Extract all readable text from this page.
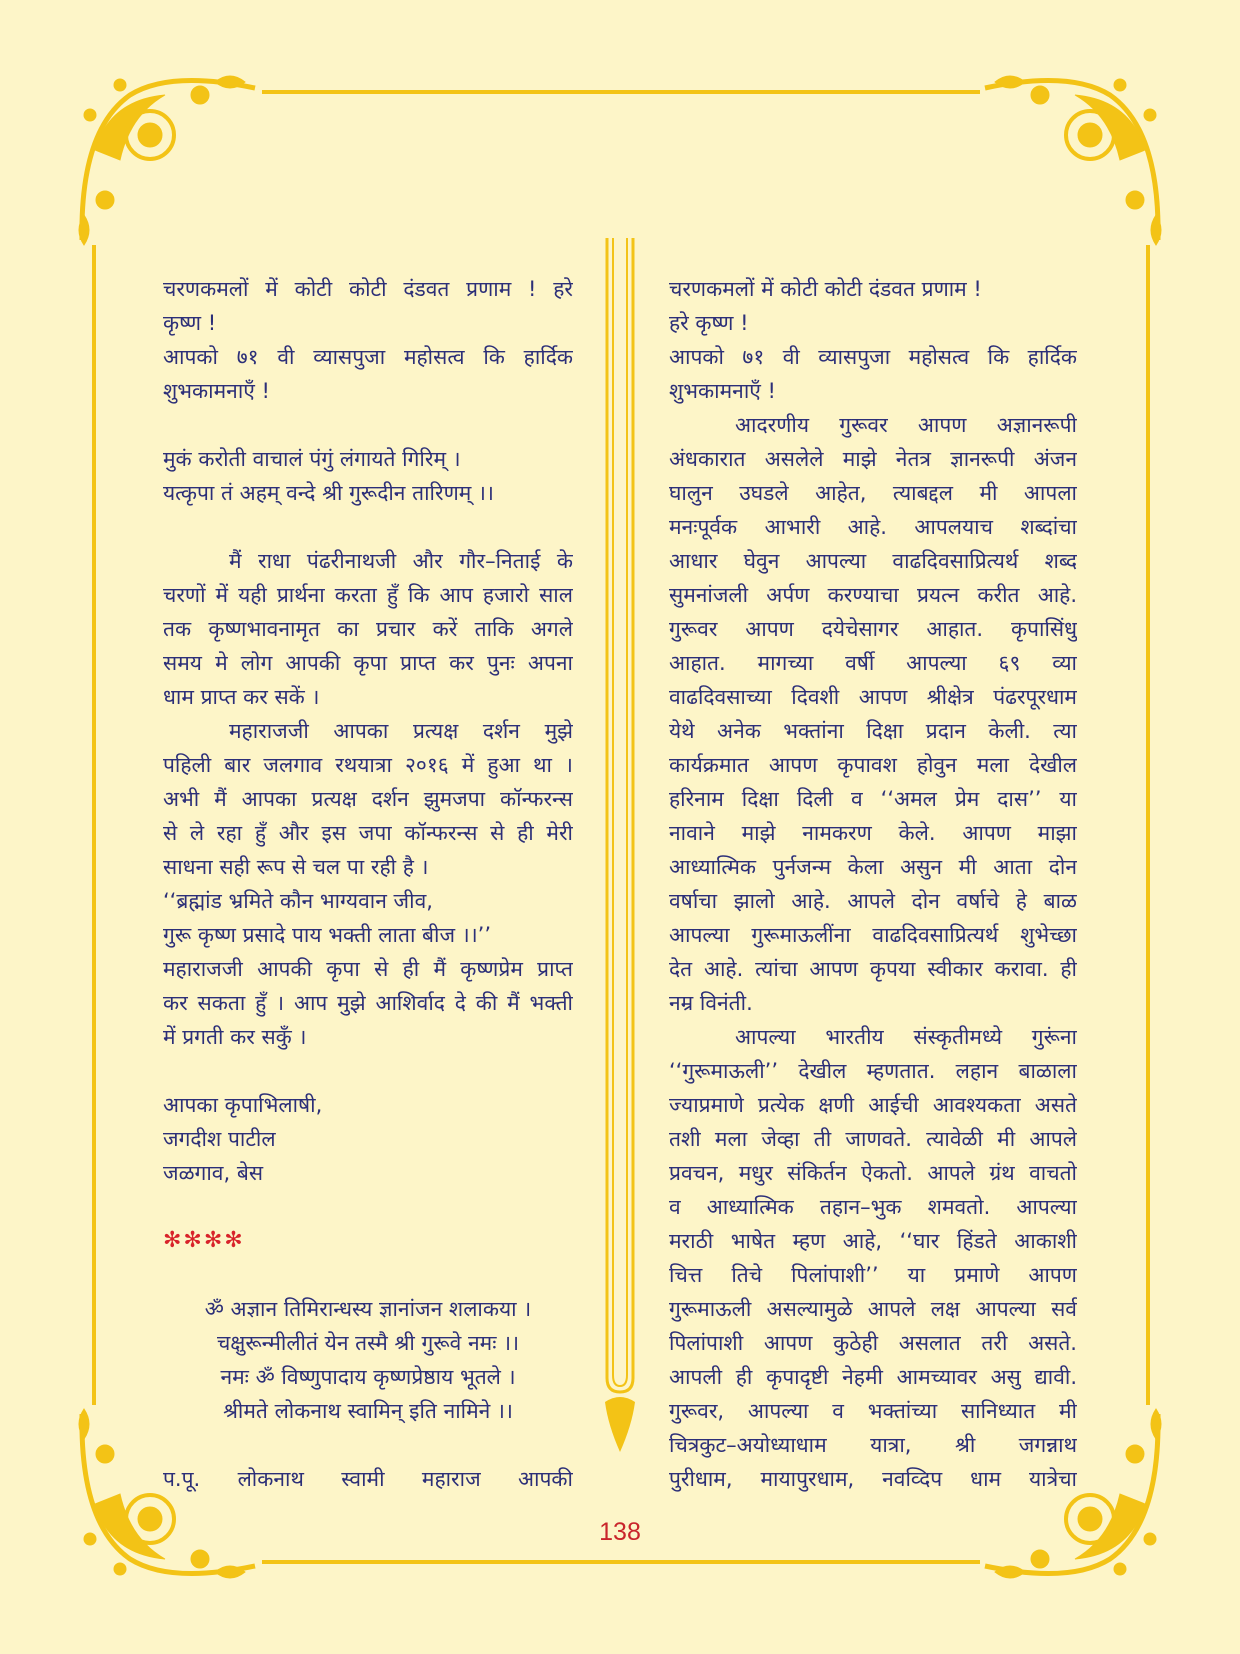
चरणकमलों में कोटी कोटी दंडवत प्रणाम ! हरे
कृष्ण !
आपको ७१ वी व्यासपुजा महोसत्व कि हार्दिक
शुभकामनाएँ !
मुकं करोती वाचालं पंगुं लंगायते गिरिम् ।
यत्कृपा तं अहम् वन्दे श्री गुरूदीन तारिणम् ।।
मैं राधा पंढरीनाथजी और गौर–निताई के
चरणों में यही प्रार्थना करता हुँ कि आप हजारो साल
तक कृष्णभावनामृत का प्रचार करें ताकि अगले
समय मे लोग आपकी कृपा प्राप्त कर पुनः अपना
धाम प्राप्त कर सकें ।
महाराजजी आपका प्रत्यक्ष दर्शन मुझे
पहिली बार जलगाव रथयात्रा २०१६ में हुआ था ।
अभी मैं आपका प्रत्यक्ष दर्शन झुमजपा कॉन्फरन्स
से ले रहा हुँ और इस जपा कॉन्फरन्स से ही मेरी
साधना सही रूप से चल पा रही है ।
‘‘ब्रह्मांड भ्रमिते कौन भाग्यवान जीव,
गुरू कृष्ण प्रसादे पाय भक्ती लाता बीज ।।’’
महाराजजी आपकी कृपा से ही मैं कृष्णप्रेम प्राप्त
कर सकता हुँ । आप मुझे आशिर्वाद दे की मैं भक्ती
में प्रगती कर सकुँ ।
आपका कृपाभिलाषी,
जगदीश पाटील
जळगाव, बेस
✻✻✻✻
ॐ अज्ञान तिमिरान्धस्य ज्ञानांजन शलाकया ।
चक्षुरून्मीलीतं येन तस्मै श्री गुरूवे नमः ।।
नमः ॐ विष्णुपादाय कृष्णप्रेष्ठाय भूतले ।
श्रीमते लोकनाथ स्वामिन् इति नामिने ।।
प.पू. लोकनाथ स्वामी महाराज आपकी
चरणकमलों में कोटी कोटी दंडवत प्रणाम !
हरे कृष्ण !
आपको ७१ वी व्यासपुजा महोसत्व कि हार्दिक
शुभकामनाएँ !
आदरणीय गुरूवर आपण अज्ञानरूपी
अंधकारात असलेले माझे नेतत्र ज्ञानरूपी अंजन
घालुन उघडले आहेत, त्याबद्दल मी आपला
मनःपूर्वक आभारी आहे. आपलयाच शब्दांचा
आधार घेवुन आपल्या वाढदिवसाप्रित्यर्थ शब्द
सुमनांजली अर्पण करण्याचा प्रयत्न करीत आहे.
गुरूवर आपण दयेचेसागर आहात. कृपासिंधु
आहात. मागच्या वर्षी आपल्या ६९ व्या
वाढदिवसाच्या दिवशी आपण श्रीक्षेत्र पंढरपूरधाम
येथे अनेक भक्तांना दिक्षा प्रदान केली. त्या
कार्यक्रमात आपण कृपावश होवुन मला देखील
हरिनाम दिक्षा दिली व ‘‘अमल प्रेम दास’’ या
नावाने माझे नामकरण केले. आपण माझा
आध्यात्मिक पुर्नजन्म केला असुन मी आता दोन
वर्षाचा झालो आहे. आपले दोन वर्षाचे हे बाळ
आपल्या गुरूमाऊलींना वाढदिवसाप्रित्यर्थ शुभेच्छा
देत आहे. त्यांचा आपण कृपया स्वीकार करावा. ही
नम्र विनंती.
आपल्या भारतीय संस्कृतीमध्ये गुरूंना
‘‘गुरूमाऊली’’ देखील म्हणतात. लहान बाळाला
ज्याप्रमाणे प्रत्येक क्षणी आईची आवश्यकता असते
तशी मला जेव्हा ती जाणवते. त्यावेळी मी आपले
प्रवचन, मधुर संकिर्तन ऐकतो. आपले ग्रंथ वाचतो
व आध्यात्मिक तहान–भुक शमवतो. आपल्या
मराठी भाषेत म्हण आहे, ‘‘घार हिंडते आकाशी
चित्त तिचे पिलांपाशी’’ या प्रमाणे आपण
गुरूमाऊली असल्यामुळे आपले लक्ष आपल्या सर्व
पिलांपाशी आपण कुठेही असलात तरी असते.
आपली ही कृपादृष्टी नेहमी आमच्यावर असु द्यावी.
गुरूवर, आपल्या व भक्तांच्या सानिध्यात मी
चित्रकुट–अयोध्याधाम यात्रा, श्री जगन्नाथ
पुरीधाम, मायापुरधाम, नवव्दिप धाम यात्रेचा
138
